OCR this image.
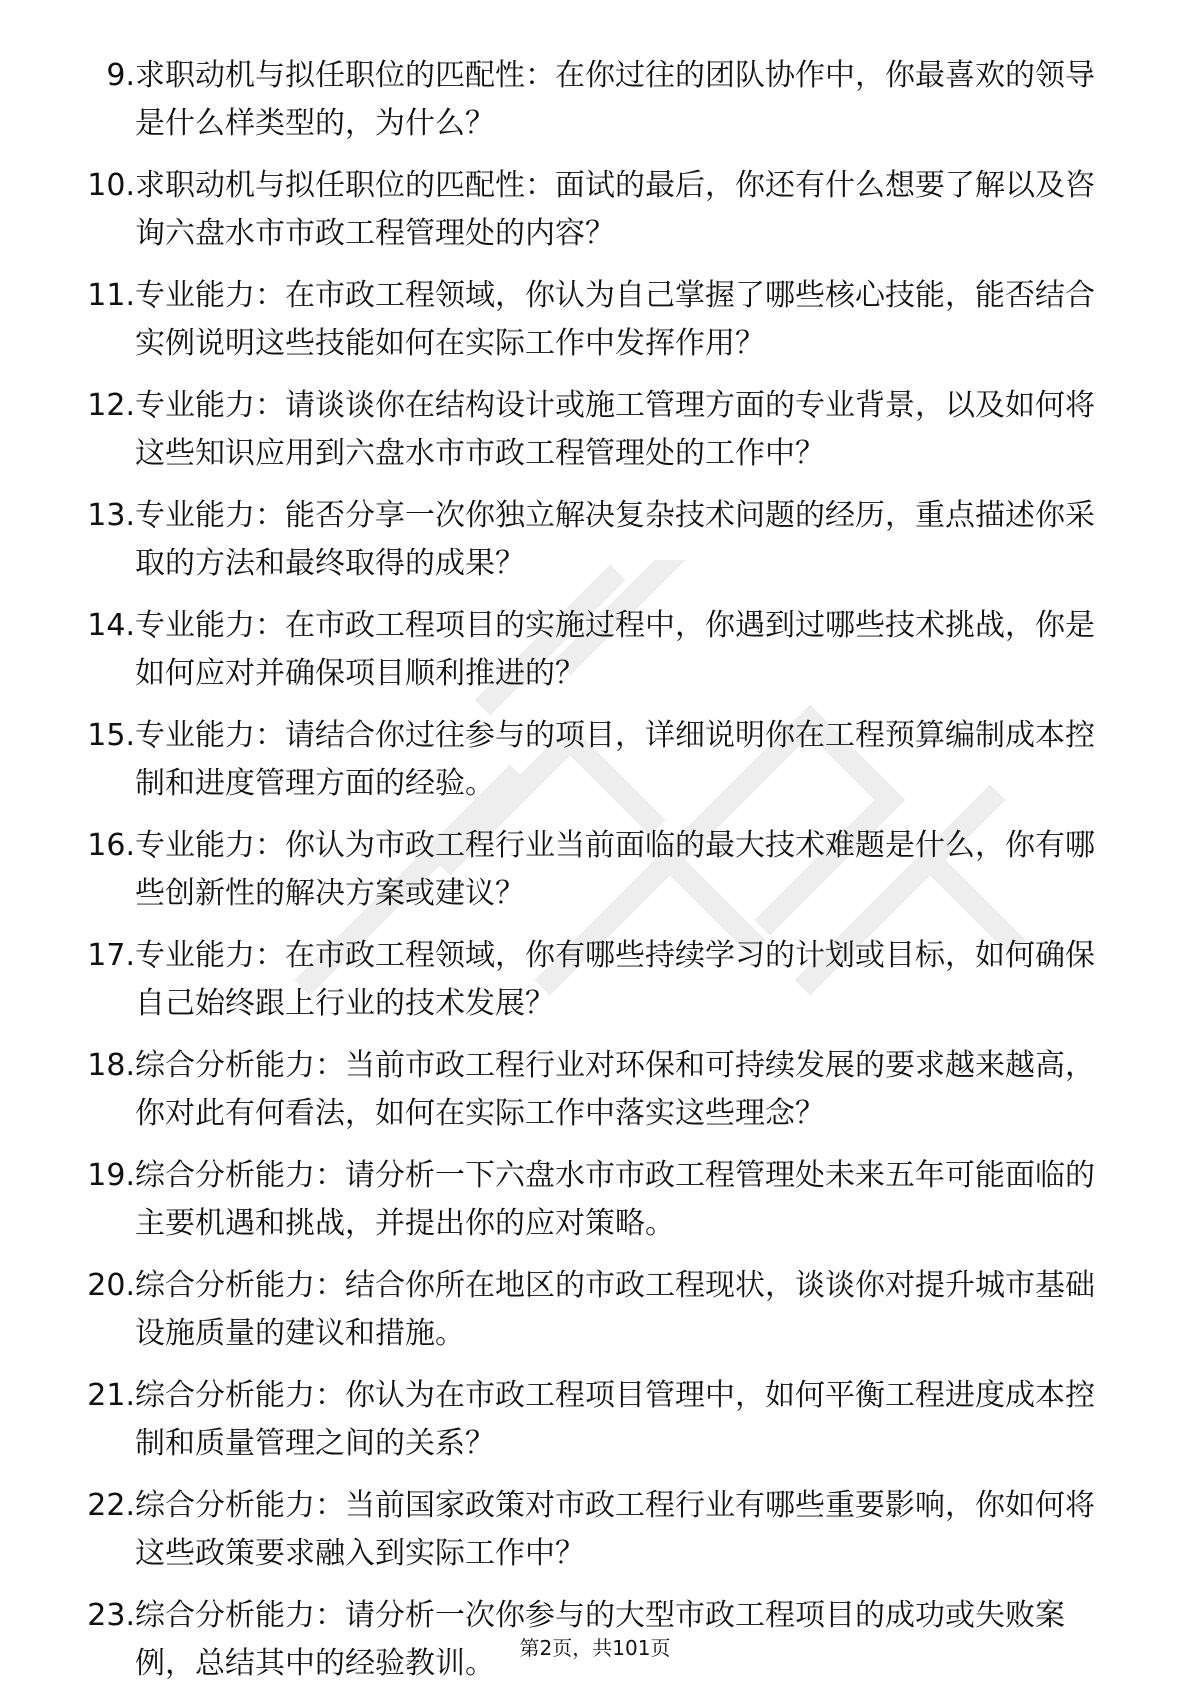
9. 求职动机与拟任职位的匹配性：在你过往的团队协作中，你最喜欢的领导是什么样类型的，为什么？

10. 求职动机与拟任职位的匹配性：面试的最后，你还有什么想要了解以及咨询六盘水市市政工程管理处的内容？

11. 专业能力：在市政工程领域，你认为自己掌握了哪些核心技能，能否结合实例说明这些技能如何在实际工作中发挥作用？

12. 专业能力：请谈谈你在结构设计或施工管理方面的专业背景，以及如何将这些知识应用到六盘水市市政工程管理处的工作中？

13. 专业能力：能否分享一次你独立解决复杂技术问题的经历，重点描述你采取的方法和最终取得的成果？

14. 专业能力：在市政工程项目的实施过程中，你遇到过哪些技术挑战，你是如何应对并确保项目顺利推进的？

15. 专业能力：请结合你过往参与的项目，详细说明你在工程预算编制成本控制和进度管理方面的经验。

16. 专业能力：你认为市政工程行业当前面临的最大技术难题是什么，你有哪些创新性的解决方案或建议？

17. 专业能力：在市政工程领域，你有哪些持续学习的计划或目标，如何确保自己始终跟上行业的技术发展？

18. 综合分析能力：当前市政工程行业对环保和可持续发展的要求越来越高，你对此有何看法，如何在实际工作中落实这些理念？

19. 综合分析能力：请分析一下六盘水市市政工程管理处未来五年可能面临的主要机遇和挑战，并提出你的应对策略。

20. 综合分析能力：结合你所在地区的市政工程现状，谈谈你对提升城市基础设施质量的建议和措施。

21. 综合分析能力：你认为在市政工程项目管理中，如何平衡工程进度成本控制和质量管理之间的关系？

22. 综合分析能力：当前国家政策对市政工程行业有哪些重要影响，你如何将这些政策要求融入到实际工作中？

23. 综合分析能力：请分析一次你参与的大型市政工程项目的成功或失败案例，总结其中的经验教训。	第2页，共101页
